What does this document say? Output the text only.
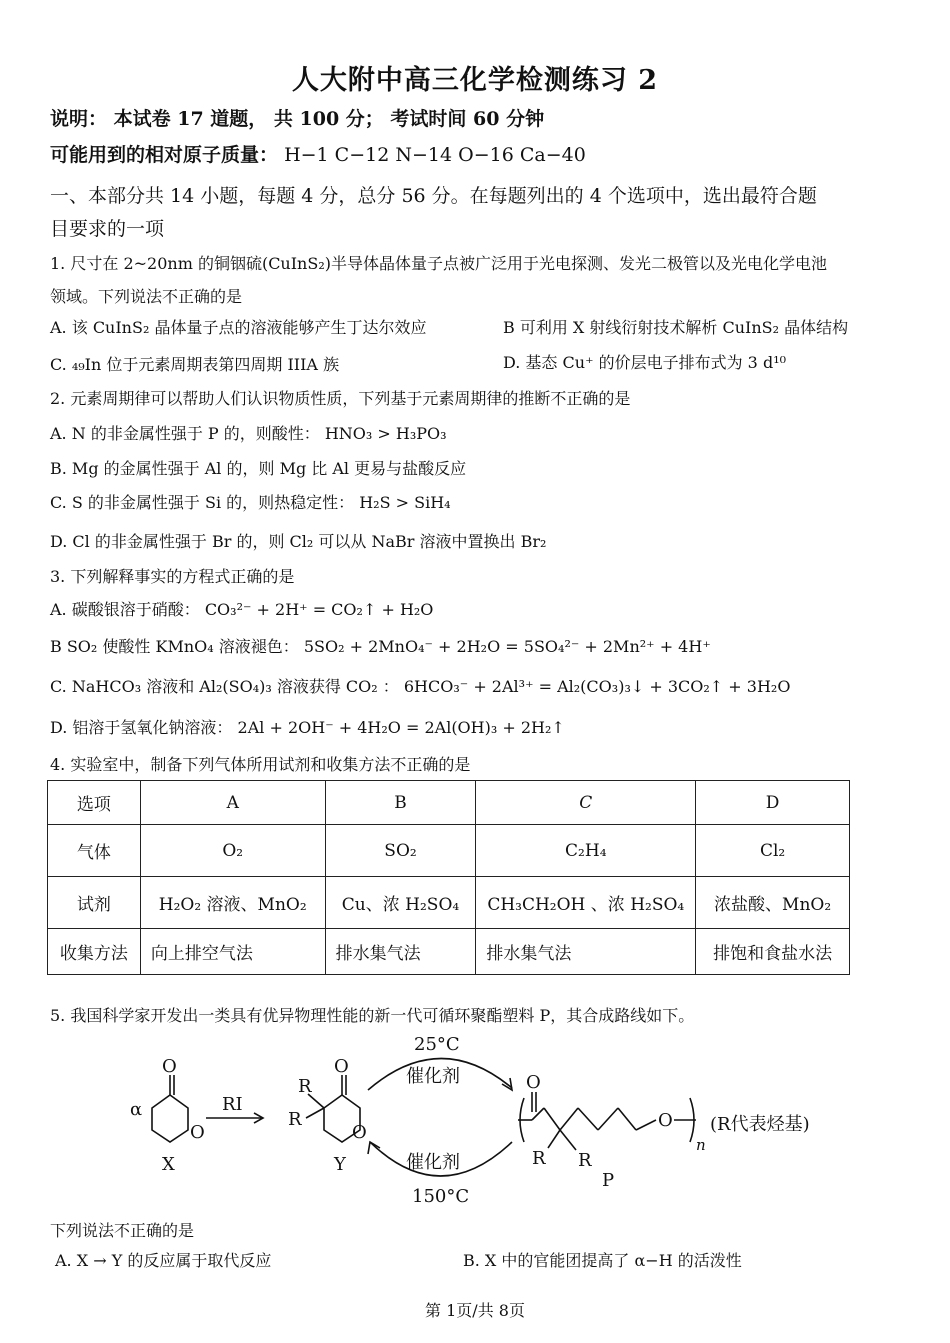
人大附中高三化学检测练习 2
说明： 本试卷 17 道题， 共 100 分； 考试时间 60 分钟
可能用到的相对原子质量： H−1 C−12 N−14 O−16 Ca−40
一、本部分共 14 小题，每题 4 分，总分 56 分。在每题列出的 4 个选项中，选出最符合题
目要求的一项
1. 尺寸在 2~20nm 的铜铟硫(CuInS₂)半导体晶体量子点被广泛用于光电探测、发光二极管以及光电化学电池
领域。下列说法不正确的是
A. 该 CuInS₂ 晶体量子点的溶液能够产生丁达尔效应	B 可利用 X 射线衍射技术解析 CuInS₂ 晶体结构
C. ₄₉In 位于元素周期表第四周期 IIIA 族	D. 基态 Cu⁺ 的价层电子排布式为 3 d¹⁰
2. 元素周期律可以帮助人们认识物质性质，下列基于元素周期律的推断不正确的是
A. N 的非金属性强于 P 的，则酸性： HNO₃ > H₃PO₃
B. Mg 的金属性强于 Al 的，则 Mg 比 Al 更易与盐酸反应
C. S 的非金属性强于 Si 的，则热稳定性： H₂S > SiH₄
D. Cl 的非金属性强于 Br 的，则 Cl₂ 可以从 NaBr 溶液中置换出 Br₂
3. 下列解释事实的方程式正确的是
A. 碳酸银溶于硝酸： CO₃²⁻ + 2H⁺ = CO₂↑ + H₂O
B SO₂ 使酸性 KMnO₄ 溶液褪色： 5SO₂ + 2MnO₄⁻ + 2H₂O = 5SO₄²⁻ + 2Mn²⁺ + 4H⁺
C. NaHCO₃ 溶液和 Al₂(SO₄)₃ 溶液获得 CO₂ ： 6HCO₃⁻ + 2Al³⁺ = Al₂(CO₃)₃↓ + 3CO₂↑ + 3H₂O
D. 铝溶于氢氧化钠溶液： 2Al + 2OH⁻ + 4H₂O = 2Al(OH)₃ + 2H₂↑
4. 实验室中，制备下列气体所用试剂和收集方法不正确的是
选项	A	B	C	D
气体	O₂	SO₂	C₂H₄	Cl₂
试剂	H₂O₂ 溶液、MnO₂	Cu、浓 H₂SO₄	CH₃CH₂OH 、浓 H₂SO₄	浓盐酸、MnO₂
收集方法	向上排空气法	排水集气法	排水集气法	排饱和食盐水法
5. 我国科学家开发出一类具有优异物理性能的新一代可循环聚酯塑料 P，其合成路线如下。
O
O
α
X
RI
O
O
R
R
Y
25°C
催化剂
催化剂
150°C
O
O
R R
P
n
(R代表烃基)
下列说法不正确的是
A. X → Y 的反应属于取代反应	B. X 中的官能团提高了 α−H 的活泼性
第 1页/共 8页
